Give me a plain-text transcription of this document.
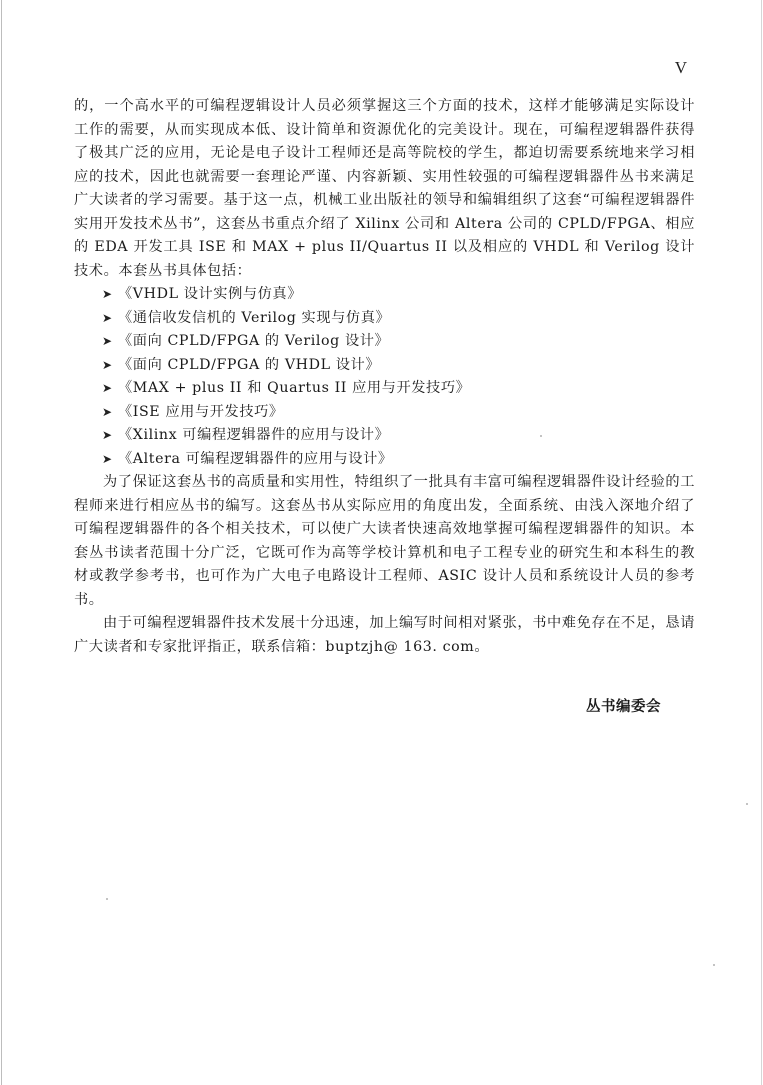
V

的，一个高水平的可编程逻辑设计人员必须掌握这三个方面的技术，这样才能够满足实际设计工作的需要，从而实现成本低、设计简单和资源优化的完美设计。现在，可编程逻辑器件获得了极其广泛的应用，无论是电子设计工程师还是高等院校的学生，都迫切需要系统地来学习相应的技术，因此也就需要一套理论严谨、内容新颖、实用性较强的可编程逻辑器件丛书来满足广大读者的学习需要。基于这一点，机械工业出版社的领导和编辑组织了这套“可编程逻辑器件实用开发技术丛书”，这套丛书重点介绍了 Xilinx 公司和 Altera 公司的 CPLD/FPGA、相应的 EDA 开发工具 ISE 和 MAX + plus II/Quartus II 以及相应的 VHDL 和 Verilog 设计技术。本套丛书具体包括：

➤ 《VHDL 设计实例与仿真》
➤ 《通信收发信机的 Verilog 实现与仿真》
➤ 《面向 CPLD/FPGA 的 Verilog 设计》
➤ 《面向 CPLD/FPGA 的 VHDL 设计》
➤ 《MAX + plus II 和 Quartus II 应用与开发技巧》
➤ 《ISE 应用与开发技巧》
➤ 《Xilinx 可编程逻辑器件的应用与设计》
➤ 《Altera 可编程逻辑器件的应用与设计》

为了保证这套丛书的高质量和实用性，特组织了一批具有丰富可编程逻辑器件设计经验的工程师来进行相应丛书的编写。这套丛书从实际应用的角度出发，全面系统、由浅入深地介绍了可编程逻辑器件的各个相关技术，可以使广大读者快速高效地掌握可编程逻辑器件的知识。本套丛书读者范围十分广泛，它既可作为高等学校计算机和电子工程专业的研究生和本科生的教材或教学参考书，也可作为广大电子电路设计工程师、ASIC 设计人员和系统设计人员的参考书。

由于可编程逻辑器件技术发展十分迅速，加上编写时间相对紧张，书中难免存在不足，恳请广大读者和专家批评指正，联系信箱：buptzjh@ 163. com。

丛书编委会
